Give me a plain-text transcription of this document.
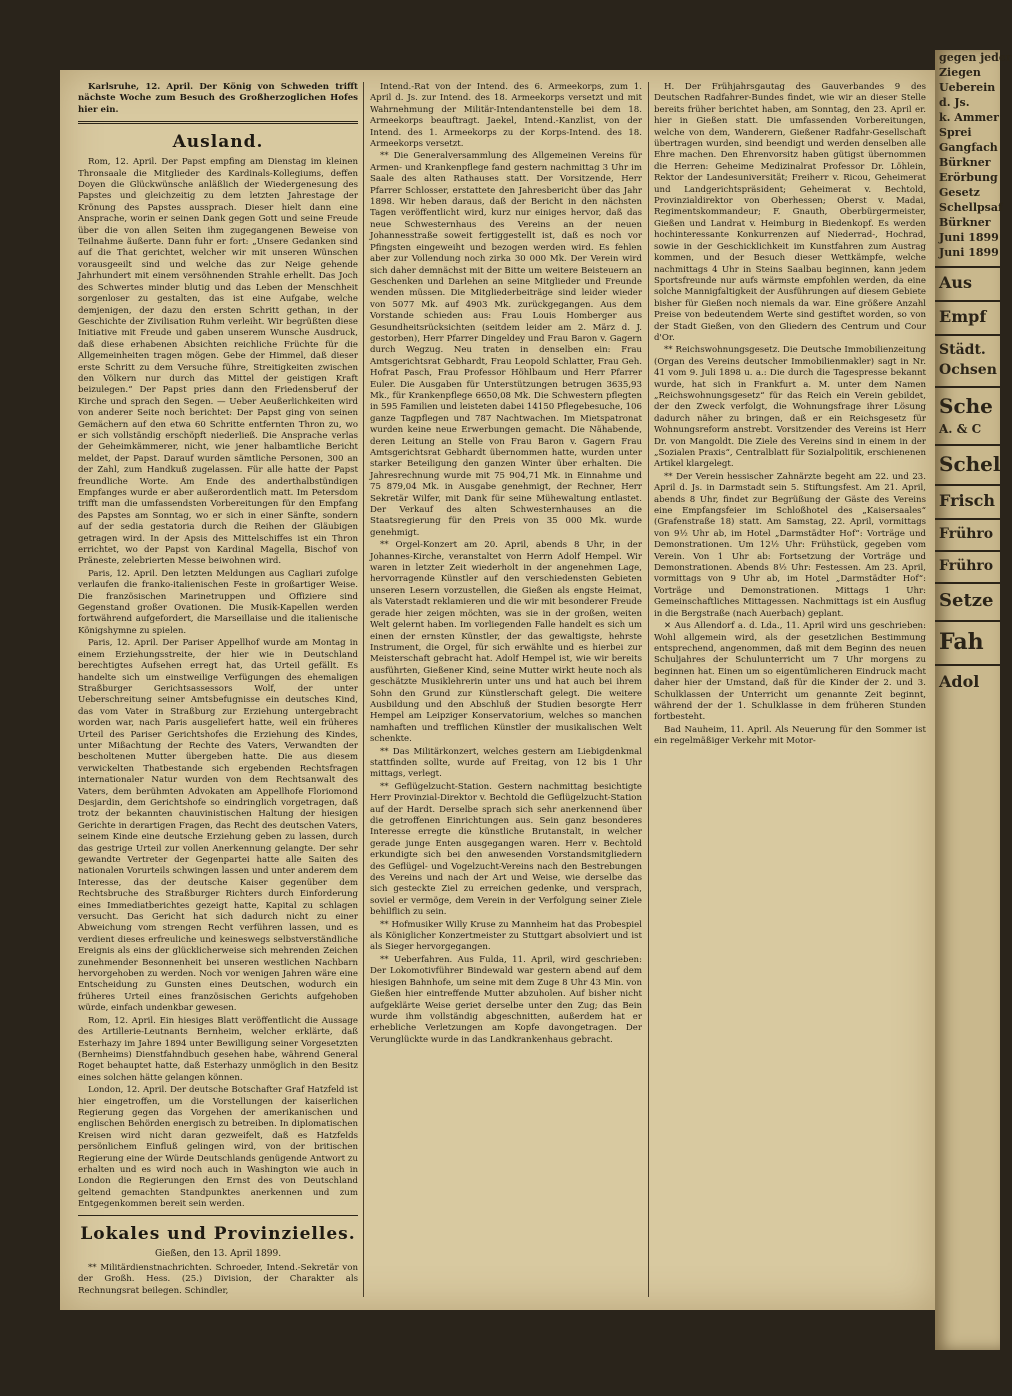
Karlsruhe, 12. April. Der König von Schweden trifft nächste Woche zum Besuch des Großherzoglichen Hofes hier ein.

Ausland.

Rom, 12. April. Der Papst empfing am Dienstag im kleinen Thronsaale die Mitglieder des Kardinals-Kollegiums, deffen Doyen die Glückwünsche anläßlich der Wiedergenesung des Papstes und gleichzeitig zu dem letzten Jahrestage der Krönung des Papstes aussprach. Dieser hielt dann eine Ansprache, worin er seinen Dank gegen Gott und seine Freude über die von allen Seiten ihm zugegangenen Beweise von Teilnahme äußerte. Dann fuhr er fort: „Unsere Gedanken sind auf die That gerichtet, welcher wir mit unseren Wünschen vorausgeeilt sind und welche das zur Neige gehende Jahrhundert mit einem versöhnenden Strahle erhellt. Das Joch des Schwertes minder blutig und das Leben der Menschheit sorgenloser zu gestalten, das ist eine Aufgabe, welche demjenigen, der dazu den ersten Schritt gethan, in der Geschichte der Zivilisation Ruhm verleiht. Wir begrüßten diese Initiative mit Freude und gaben unserem Wunsche Ausdruck, daß diese erhabenen Absichten reichliche Früchte für die Allgemeinheiten tragen mögen. Gebe der Himmel, daß dieser erste Schritt zu dem Versuche führe, Streitigkeiten zwischen den Völkern nur durch das Mittel der geistigen Kraft beizulegen.“ Der Papst pries dann den Friedensberuf der Kirche und sprach den Segen. — Ueber Aeußerlichkeiten wird von anderer Seite noch berichtet: Der Papst ging von seinen Gemächern auf den etwa 60 Schritte entfernten Thron zu, wo er sich vollständig erschöpft niederließ. Die Ansprache verlas der Geheimkämmerer, nicht, wie jener halbamtliche Bericht meldet, der Papst. Darauf wurden sämtliche Personen, 300 an der Zahl, zum Handkuß zugelassen. Für alle hatte der Papst freundliche Worte. Am Ende des anderthalbstündigen Empfanges wurde er aber außerordentlich matt. Im Petersdom trifft man die umfassendsten Vorbereitungen für den Empfang des Papstes am Sonntag, wo er sich in einer Sänfte, sondern auf der sedia gestatoria durch die Reihen der Gläubigen getragen wird. In der Apsis des Mittelschiffes ist ein Thron errichtet, wo der Papst von Kardinal Magella, Bischof von Präneste, zelebrierten Messe beiwohnen wird.

Paris, 12. April. Den letzten Meldungen aus Cagliari zufolge verlaufen die franko-italienischen Feste in großartiger Weise. Die französischen Marinetruppen und Offiziere sind Gegenstand großer Ovationen. Die Musik-Kapellen werden fortwährend aufgefordert, die Marseillaise und die italienische Königshymne zu spielen.

Paris, 12. April. Der Pariser Appellhof wurde am Montag in einem Erziehungsstreite, der hier wie in Deutschland berechtigtes Aufsehen erregt hat, das Urteil gefällt. Es handelte sich um einstweilige Verfügungen des ehemaligen Straßburger Gerichtsassessors Wolf, der unter Ueberschreitung seiner Amtsbefugnisse ein deutsches Kind, das vom Vater in Straßburg zur Erziehung untergebracht worden war, nach Paris ausgeliefert hatte, weil ein früheres Urteil des Pariser Gerichtshofes die Erziehung des Kindes, unter Mißachtung der Rechte des Vaters, Verwandten der bescholtenen Mutter übergeben hatte. Die aus diesem verwickelten Thatbestande sich ergebenden Rechtsfragen internationaler Natur wurden von dem Rechtsanwalt des Vaters, dem berühmten Advokaten am Appellhofe Floriomond Desjardin, dem Gerichtshofe so eindringlich vorgetragen, daß trotz der bekannten chauvinistischen Haltung der hiesigen Gerichte in derartigen Fragen, das Recht des deutschen Vaters, seinem Kinde eine deutsche Erziehung geben zu lassen, durch das gestrige Urteil zur vollen Anerkennung gelangte. Der sehr gewandte Vertreter der Gegenpartei hatte alle Saiten des nationalen Vorurteils schwingen lassen und unter anderem dem Interesse, das der deutsche Kaiser gegenüber dem Rechtsbruche des Straßburger Richters durch Einforderung eines Immediatberichtes gezeigt hatte, Kapital zu schlagen versucht. Das Gericht hat sich dadurch nicht zu einer Abweichung vom strengen Recht verführen lassen, und es verdient dieses erfreuliche und keineswegs selbstverständliche Ereignis als eins der glücklicherweise sich mehrenden Zeichen zunehmender Besonnenheit bei unseren westlichen Nachbarn hervorgehoben zu werden. Noch vor wenigen Jahren wäre eine Entscheidung zu Gunsten eines Deutschen, wodurch ein früheres Urteil eines französischen Gerichts aufgehoben würde, einfach undenkbar gewesen.

Rom, 12. April. Ein hiesiges Blatt veröffentlicht die Aussage des Artillerie-Leutnants Bernheim, welcher erklärte, daß Esterhazy im Jahre 1894 unter Bewilligung seiner Vorgesetzten (Bernheims) Dienstfahndbuch gesehen habe, während General Roget behauptet hatte, daß Esterhazy unmöglich in den Besitz eines solchen hätte gelangen können.

London, 12. April. Der deutsche Botschafter Graf Hatzfeld ist hier eingetroffen, um die Vorstellungen der kaiserlichen Regierung gegen das Vorgehen der amerikanischen und englischen Behörden energisch zu betreiben. In diplomatischen Kreisen wird nicht daran gezweifelt, daß es Hatzfelds persönlichem Einfluß gelingen wird, von der britischen Regierung eine der Würde Deutschlands genügende Antwort zu erhalten und es wird noch auch in Washington wie auch in London die Regierungen den Ernst des von Deutschland geltend gemachten Standpunktes anerkennen und zum Entgegenkommen bereit sein werden.

Lokales und Provinzielles.
Gießen, den 13. April 1899.

** Militärdienstnachrichten. Schroeder, Intend.-Sekretär von der Großh. Hess. (25.) Division, der Charakter als Rechnungsrat beilegen. Schindler,

Intend.-Rat von der Intend. des 6. Armeekorps, zum 1. April d. Js. zur Intend. des 18. Armeekorps versetzt und mit Wahrnehmung der Militär-Intendantenstelle bei dem 18. Armeekorps beauftragt. Jaekel, Intend.-Kanzlist, von der Intend. des 1. Armeekorps zu der Korps-Intend. des 18. Armeekorps versetzt.

** Die Generalversammlung des Allgemeinen Vereins für Armen- und Krankenpflege fand gestern nachmittag 3 Uhr im Saale des alten Rathauses statt. Der Vorsitzende, Herr Pfarrer Schlosser, erstattete den Jahresbericht über das Jahr 1898. Wir heben daraus, daß der Bericht in den nächsten Tagen veröffentlicht wird, kurz nur einiges hervor, daß das neue Schwesternhaus des Vereins an der neuen Johannesstraße soweit fertiggestellt ist, daß es noch vor Pfingsten eingeweiht und bezogen werden wird. Es fehlen aber zur Vollendung noch zirka 30 000 Mk. Der Verein wird sich daher demnächst mit der Bitte um weitere Beisteuern an Geschenken und Darlehen an seine Mitglieder und Freunde wenden müssen. Die Mitgliederbeiträge sind leider wieder von 5077 Mk. auf 4903 Mk. zurückgegangen. Aus dem Vorstande schieden aus: Frau Louis Homberger aus Gesundheitsrücksichten (seitdem leider am 2. März d. J. gestorben), Herr Pfarrer Dingeldey und Frau Baron v. Gagern durch Wegzug. Neu traten in denselben ein: Frau Amtsgerichtsrat Gebhardt, Frau Leopold Schlatter, Frau Geh. Hofrat Pasch, Frau Professor Höhlbaum und Herr Pfarrer Euler. Die Ausgaben für Unterstützungen betrugen 3635,93 Mk., für Krankenpflege 6650,08 Mk. Die Schwestern pflegten in 595 Familien und leisteten dabei 14150 Pflegebesuche, 106 ganze Tagpflegen und 787 Nachtwachen. Im Mietspatronat wurden keine neue Erwerbungen gemacht. Die Nähabende, deren Leitung an Stelle von Frau Baron v. Gagern Frau Amtsgerichtsrat Gebhardt übernommen hatte, wurden unter starker Beteiligung den ganzen Winter über erhalten. Die Jahresrechnung wurde mit 75 904,71 Mk. in Einnahme und 75 879,04 Mk. in Ausgabe genehmigt, der Rechner, Herr Sekretär Wilfer, mit Dank für seine Mühewaltung entlastet. Der Verkauf des alten Schwesternhauses an die Staatsregierung für den Preis von 35 000 Mk. wurde genehmigt.

** Orgel-Konzert am 20. April, abends 8 Uhr, in der Johannes-Kirche, veranstaltet von Herrn Adolf Hempel. Wir waren in letzter Zeit wiederholt in der angenehmen Lage, hervorragende Künstler auf den verschiedensten Gebieten unseren Lesern vorzustellen, die Gießen als engste Heimat, als Vaterstadt reklamieren und die wir mit besonderer Freude gerade hier zeigen möchten, was sie in der großen, weiten Welt gelernt haben. Im vorliegenden Falle handelt es sich um einen der ernsten Künstler, der das gewaltigste, hehrste Instrument, die Orgel, für sich erwählte und es hierbei zur Meisterschaft gebracht hat. Adolf Hempel ist, wie wir bereits ausführten, Gießener Kind, seine Mutter wirkt heute noch als geschätzte Musiklehrerin unter uns und hat auch bei ihrem Sohn den Grund zur Künstlerschaft gelegt. Die weitere Ausbildung und den Abschluß der Studien besorgte Herr Hempel am Leipziger Konservatorium, welches so manchen namhaften und trefflichen Künstler der musikalischen Welt schenkte.

** Das Militärkonzert, welches gestern am Liebigdenkmal stattfinden sollte, wurde auf Freitag, von 12 bis 1 Uhr mittags, verlegt.

** Geflügelzucht-Station. Gestern nachmittag besichtigte Herr Provinzial-Direktor v. Bechtold die Geflügelzucht-Station auf der Hardt. Derselbe sprach sich sehr anerkennend über die getroffenen Einrichtungen aus. Sein ganz besonderes Interesse erregte die künstliche Brutanstalt, in welcher gerade junge Enten ausgegangen waren. Herr v. Bechtold erkundigte sich bei den anwesenden Vorstandsmitgliedern des Geflügel- und Vogelzucht-Vereins nach den Bestrebungen des Vereins und nach der Art und Weise, wie derselbe das sich gesteckte Ziel zu erreichen gedenke, und versprach, soviel er vermöge, dem Verein in der Verfolgung seiner Ziele behilflich zu sein.

** Hofmusiker Willy Kruse zu Mannheim hat das Probespiel als Königlicher Konzertmeister zu Stuttgart absolviert und ist als Sieger hervorgegangen.

** Ueberfahren. Aus Fulda, 11. April, wird geschrieben: Der Lokomotivführer Bindewald war gestern abend auf dem hiesigen Bahnhofe, um seine mit dem Zuge 8 Uhr 43 Min. von Gießen hier eintreffende Mutter abzuholen. Auf bisher nicht aufgeklärte Weise geriet derselbe unter den Zug; das Bein wurde ihm vollständig abgeschnitten, außerdem hat er erhebliche Verletzungen am Kopfe davongetragen. Der Verunglückte wurde in das Landkrankenhaus gebracht.

H. Der Frühjahrsgautag des Gauverbandes 9 des Deutschen Radfahrer-Bundes findet, wie wir an dieser Stelle bereits früher berichtet haben, am Sonntag, den 23. April er. hier in Gießen statt. Die umfassenden Vorbereitungen, welche von dem, Wanderern, Gießener Radfahr-Gesellschaft übertragen wurden, sind beendigt und werden denselben alle Ehre machen. Den Ehrenvorsitz haben gütigst übernommen die Herren: Geheime Medizinalrat Professor Dr. Löhlein, Rektor der Landesuniversität; Freiherr v. Ricou, Geheimerat und Landgerichtspräsident; Geheimerat v. Bechtold, Provinzialdirektor von Oberhessen; Oberst v. Madai, Regimentskommandeur; F. Gnauth, Oberbürgermeister, Gießen und Landrat v. Heimburg in Biedenkopf. Es werden hochinteressante Konkurrenzen auf Niederrad-, Hochrad, sowie in der Geschicklichkeit im Kunstfahren zum Austrag kommen, und der Besuch dieser Wettkämpfe, welche nachmittags 4 Uhr in Steins Saalbau beginnen, kann jedem Sportsfreunde nur aufs wärmste empfohlen werden, da eine solche Mannigfaltigkeit der Ausführungen auf diesem Gebiete bisher für Gießen noch niemals da war. Eine größere Anzahl Preise von bedeutendem Werte sind gestiftet worden, so von der Stadt Gießen, von den Gliedern des Centrum und Cour d'Or.

** Reichswohnungsgesetz. Die Deutsche Immobilienzeitung (Organ des Vereins deutscher Immobilienmakler) sagt in Nr. 41 vom 9. Juli 1898 u. a.: Die durch die Tagespresse bekannt wurde, hat sich in Frankfurt a. M. unter dem Namen „Reichswohnungsgesetz“ für das Reich ein Verein gebildet, der den Zweck verfolgt, die Wohnungsfrage ihrer Lösung dadurch näher zu bringen, daß er ein Reichsgesetz für Wohnungsreform anstrebt. Vorsitzender des Vereins ist Herr Dr. von Mangoldt. Die Ziele des Vereins sind in einem in der „Sozialen Praxis“, Centralblatt für Sozialpolitik, erschienenen Artikel klargelegt.

** Der Verein hessischer Zahnärzte begeht am 22. und 23. April d. Js. in Darmstadt sein 5. Stiftungsfest. Am 21. April, abends 8 Uhr, findet zur Begrüßung der Gäste des Vereins eine Empfangsfeier im Schloßhotel des „Kaisersaales“ (Grafenstraße 18) statt. Am Samstag, 22. April, vormittags von 9½ Uhr ab, im Hotel „Darmstädter Hof“: Vorträge und Demonstrationen. Um 12½ Uhr: Frühstück, gegeben vom Verein. Von 1 Uhr ab: Fortsetzung der Vorträge und Demonstrationen. Abends 8½ Uhr: Festessen. Am 23. April, vormittags von 9 Uhr ab, im Hotel „Darmstädter Hof“: Vorträge und Demonstrationen. Mittags 1 Uhr: Gemeinschaftliches Mittagessen. Nachmittags ist ein Ausflug in die Bergstraße (nach Auerbach) geplant.

✕ Aus Allendorf a. d. Lda., 11. April wird uns geschrieben: Wohl allgemein wird, als der gesetzlichen Bestimmung entsprechend, angenommen, daß mit dem Beginn des neuen Schuljahres der Schulunterricht um 7 Uhr morgens zu beginnen hat. Einen um so eigentümlicheren Eindruck macht daher hier der Umstand, daß für die Kinder der 2. und 3. Schulklassen der Unterricht um genannte Zeit beginnt, während der der 1. Schulklasse in dem früheren Stunden fortbesteht.

Bad Nauheim, 11. April. Als Neuerung für den Sommer ist ein regelmäßiger Verkehr mit Motor-

gegen jeder
Ziegen
Ueberein
d. Js.
k. Ammer
Sprei
Gangfach
Bürkner
Erörbung
Gesetz
Schellpsaf
Bürkner
Juni 1899
Juni 1899
Aus
Empf
Städt.
Ochsen
Sche
A. & C
Schel
Frisch
Frühro
Frühro
Setze
Fah
Adol
